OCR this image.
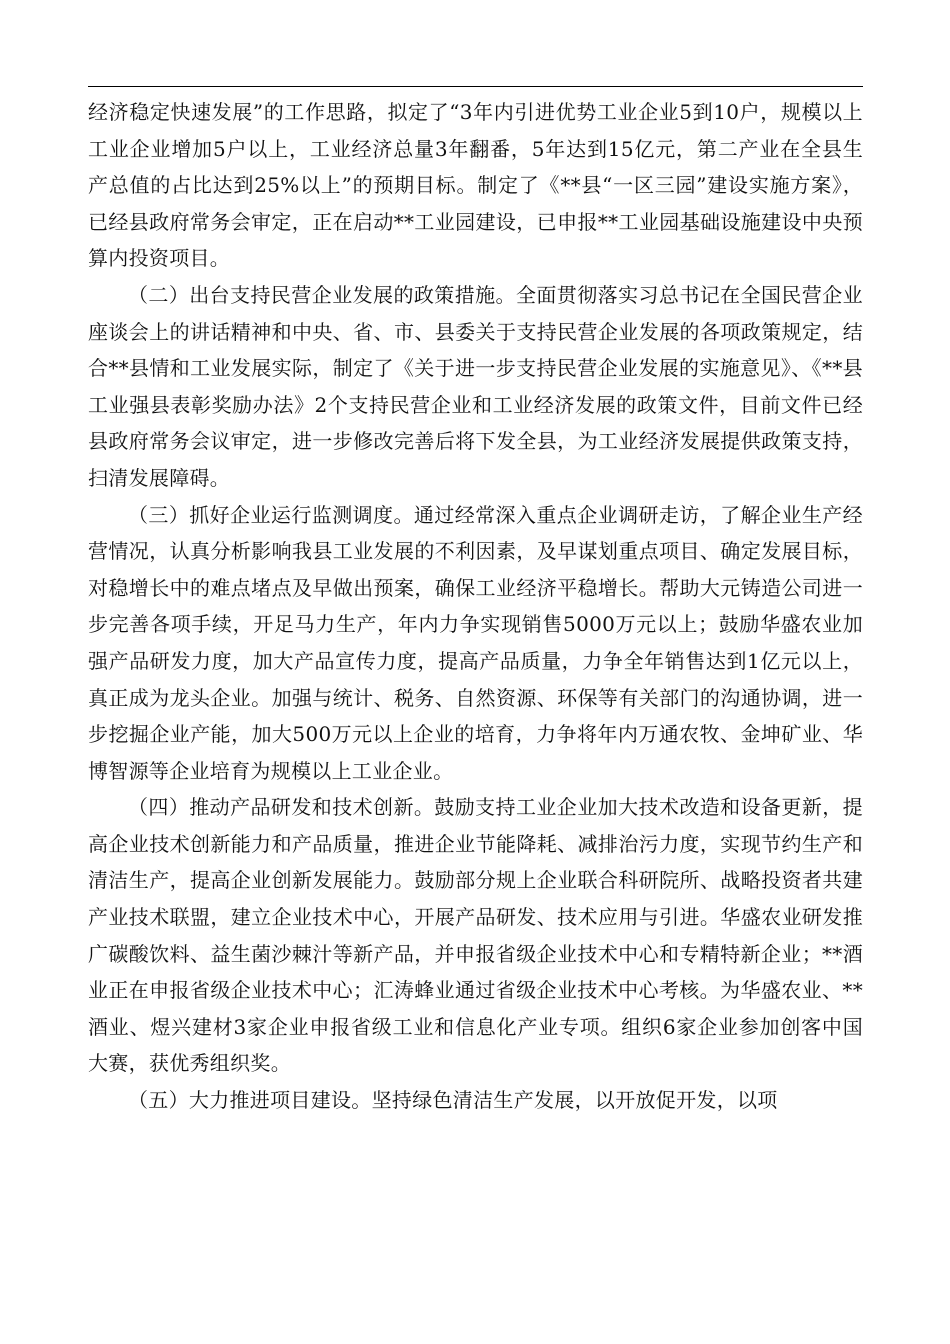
经济稳定快速发展”的工作思路，拟定了“3年内引进优势工业企业5到10户，规模以上工业企业增加5户以上，工业经济总量3年翻番，5年达到15亿元，第二产业在全县生产总值的占比达到25%以上”的预期目标。制定了《**县“一区三园”建设实施方案》，已经县政府常务会审定，正在启动**工业园建设，已申报**工业园基础设施建设中央预算内投资项目。

（二）出台支持民营企业发展的政策措施。全面贯彻落实习总书记在全国民营企业座谈会上的讲话精神和中央、省、市、县委关于支持民营企业发展的各项政策规定，结合**县情和工业发展实际，制定了《关于进一步支持民营企业发展的实施意见》、《**县工业强县表彰奖励办法》2个支持民营企业和工业经济发展的政策文件，目前文件已经县政府常务会议审定，进一步修改完善后将下发全县，为工业经济发展提供政策支持，扫清发展障碍。

（三）抓好企业运行监测调度。通过经常深入重点企业调研走访，了解企业生产经营情况，认真分析影响我县工业发展的不利因素，及早谋划重点项目、确定发展目标，对稳增长中的难点堵点及早做出预案，确保工业经济平稳增长。帮助大元铸造公司进一步完善各项手续，开足马力生产，年内力争实现销售5000万元以上；鼓励华盛农业加强产品研发力度，加大产品宣传力度，提高产品质量，力争全年销售达到1亿元以上，真正成为龙头企业。加强与统计、税务、自然资源、环保等有关部门的沟通协调，进一步挖掘企业产能，加大500万元以上企业的培育，力争将年内万通农牧、金坤矿业、华博智源等企业培育为规模以上工业企业。

（四）推动产品研发和技术创新。鼓励支持工业企业加大技术改造和设备更新，提高企业技术创新能力和产品质量，推进企业节能降耗、减排治污力度，实现节约生产和清洁生产，提高企业创新发展能力。鼓励部分规上企业联合科研院所、战略投资者共建产业技术联盟，建立企业技术中心，开展产品研发、技术应用与引进。华盛农业研发推广碳酸饮料、益生菌沙棘汁等新产品，并申报省级企业技术中心和专精特新企业；**酒业正在申报省级企业技术中心；汇涛蜂业通过省级企业技术中心考核。为华盛农业、**酒业、煜兴建材3家企业申报省级工业和信息化产业专项。组织6家企业参加创客中国大赛，获优秀组织奖。

（五）大力推进项目建设。坚持绿色清洁生产发展，以开放促开发，以项
